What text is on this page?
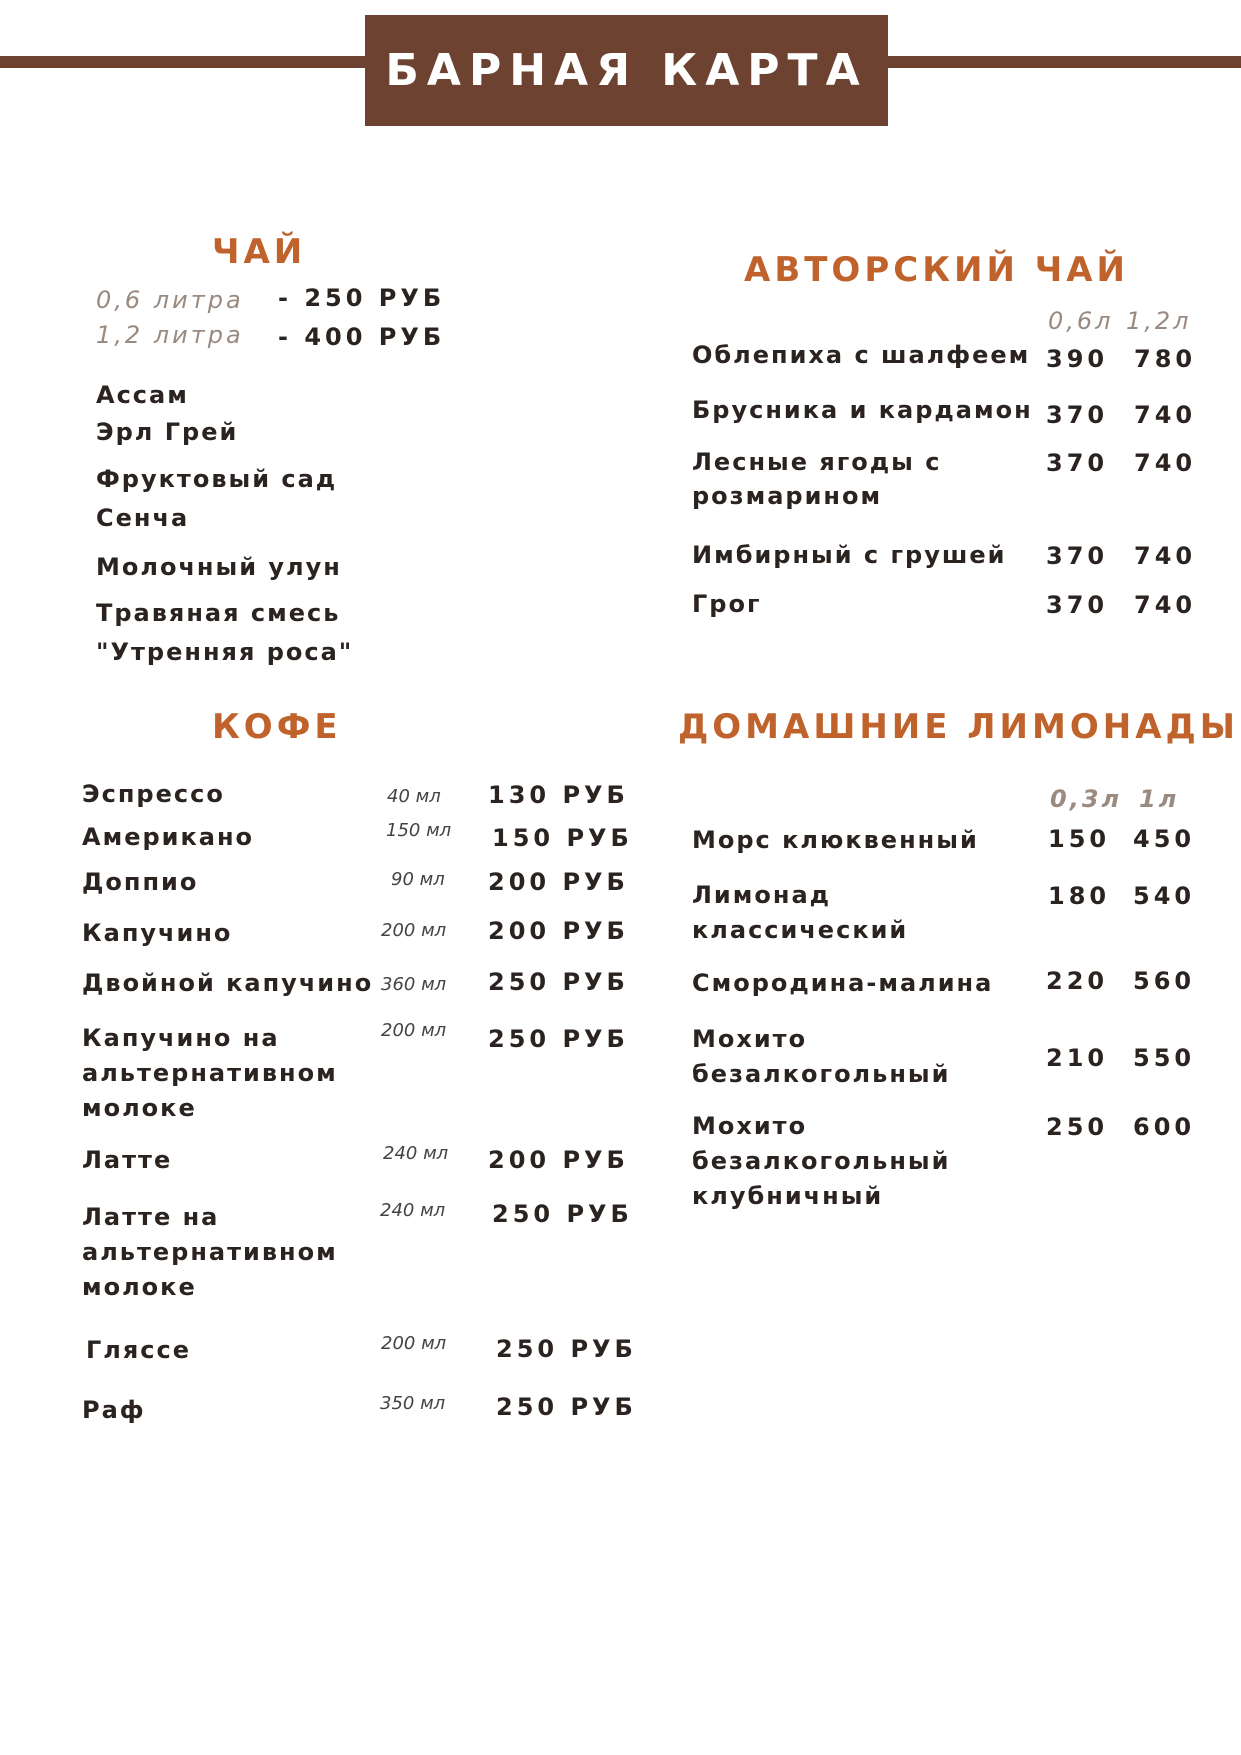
БАРНАЯ КАРТА
ЧАЙ
0,6 литра - 250 РУБ
1,2 литра - 400 РУБ
Ассам
Эрл Грей
Фруктовый сад
Сенча
Молочный улун
Травяная смесь
"Утренняя роса"
АВТОРСКИЙ ЧАЙ
0,6л 1,2л
Облепиха с шалфеем 390 780
Брусника и кардамон 370 740
Лесные ягоды с
розмарином
370 740
Имбирный с грушей 370 740
Грог	370 740
КОФЕ
Эспрессо	40 мл 130 РУБ
Американо	150 мл 150 РУБ
Доппио	90 мл 200 РУБ
Капучино	200 мл 200 РУБ
Двойной капучино 360 мл 250 РУБ
Капучино на
альтернативном
молоке
200 мл 250 РУБ
Латте	240 мл 200 РУБ
Латте на
альтернативном
молоке
240 мл 250 РУБ
Гляссе	200 мл 250 РУБ
Раф	350 мл 250 РУБ
ДОМАШНИЕ ЛИМОНАДЫ
0,3л 1л
Морс клюквенный	150 450
Лимонад
классический
180 540
Смородина-малина 220 560
Мохито
безалкогольный
210 550
Мохито
безалкогольный
клубничный
250 600
